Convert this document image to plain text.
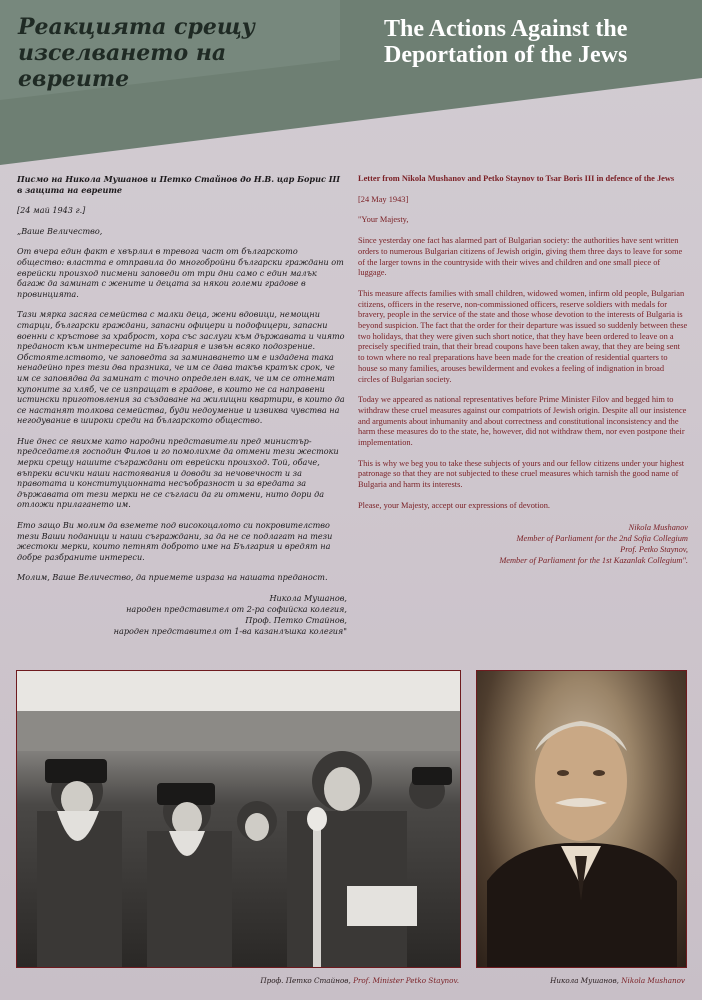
Реакцията срещу изселването на евреите
The Actions Against the Deportation of the Jews

Писмо на Никола Мушанов и Петко Стайнов до Н.В. цар Борис III в защита на евреите

[24 май 1943 г.]

„Ваше Величество,

От вчера един факт е хвърлил в тревога част от българското общество: властта е отправила до многобройни български граждани от еврейски произход писмени заповеди от три дни само с един малък багаж да заминат с жените и децата за някои големи градове в провинцията.

Тази мярка засяга семейства с малки деца, жени вдовици, немощни старци, български граждани, запасни офицери и подофицери, запасни военни с кръстове за храброст, хора със заслуги към държавата и чиято преданост към интересите на България е извън всяко подозрение. Обстоятелството, че заповедта за заминаването им е издадена така ненадейно през тези два празника, че им се дава такъв кратък срок, че им се заповядва да заминат с точно определен влак, че им се отнемат купоните за хляб, че се изпращат в градове, в които не са направени истински приготовления за създаване на жилищни квартири, в които да се настанят толкова семейства, буди недоумение и извиква чувства на негодувание в широки среди на българското общество.

Ние днес се явихме като народни представители пред министър-председателя господин Филов и го помолихме да отмени тези жестоки мерки срещу нашите съграждани от еврейски произход. Той, обаче, въпреки всички наши настоявания и доводи за нечовечност и за правотата и конституционната несъобразност и за вредата за държавата от тези мерки не се съгласи да ги отмени, нито дори да отложи прилагането им.

Ето защо Ви молим да вземете под високоцалото си покровителство тези Ваши поданици и наши съграждани, за да не се подлагат на тези жестоки мерки, които петнят доброто име на България и вредят на добре разбраните интереси.

Молим, Ваше Величество, да приемете израза на нашата преданост.

Никола Мушанов,
народен представител от 2-ра софийска колегия,
Проф. Петко Стайнов,
народен представител от 1-ва казанлъшка колегия"

Letter from Nikola Mushanov and Petko Staynov to Tsar Boris III in defence of the Jews

[24 May 1943]

"Your Majesty,

Since yesterday one fact has alarmed part of Bulgarian society: the authorities have sent written orders to numerous Bulgarian citizens of Jewish origin, giving them three days to leave for some of the larger towns in the countryside with their wives and children and one small piece of luggage.

This measure affects families with small children, widowed women, infirm old people, Bulgarian citizens, officers in the reserve, non-commissioned officers, reserve soldiers with medals for bravery, people in the service of the state and those whose devotion to the interests of Bulgaria is beyond suspicion. The fact that the order for their departure was issued so suddenly between these two holidays, that they were given such short notice, that they have been ordered to leave on a precisely specified train, that their bread coupons have been taken away, that they are being sent to town where no real preparations have been made for the creation of residential quarters to house so many families, arouses bewilderment and evokes a feeling of indignation in broad circles of Bulgarian society.

Today we appeared as national representatives before Prime Minister Filov and begged him to withdraw these cruel measures against our compatriots of Jewish origin. Despite all our insistence and arguments about inhumanity and about correctness and constitutional inconsistency and the harm these measures do to the state, he, however, did not withdraw them, nor even postpone their implementation.

This is why we beg you to take these subjects of yours and our fellow citizens under your highest patronage so that they are not subjected to these cruel measures which tarnish the good name of Bulgaria and harm its interests.

Please, your Majesty, accept our expressions of devotion.

Nikola Mushanov
Member of Parliament for the 2nd Sofia Collegium
Prof. Petko Staynov,
Member of Parliament for the 1st Kazanlak Collegium".
Проф. Петко Стайнов, Prof. Minister Petko Staynov.	Никола Мушанов, Nikola Mushanov
